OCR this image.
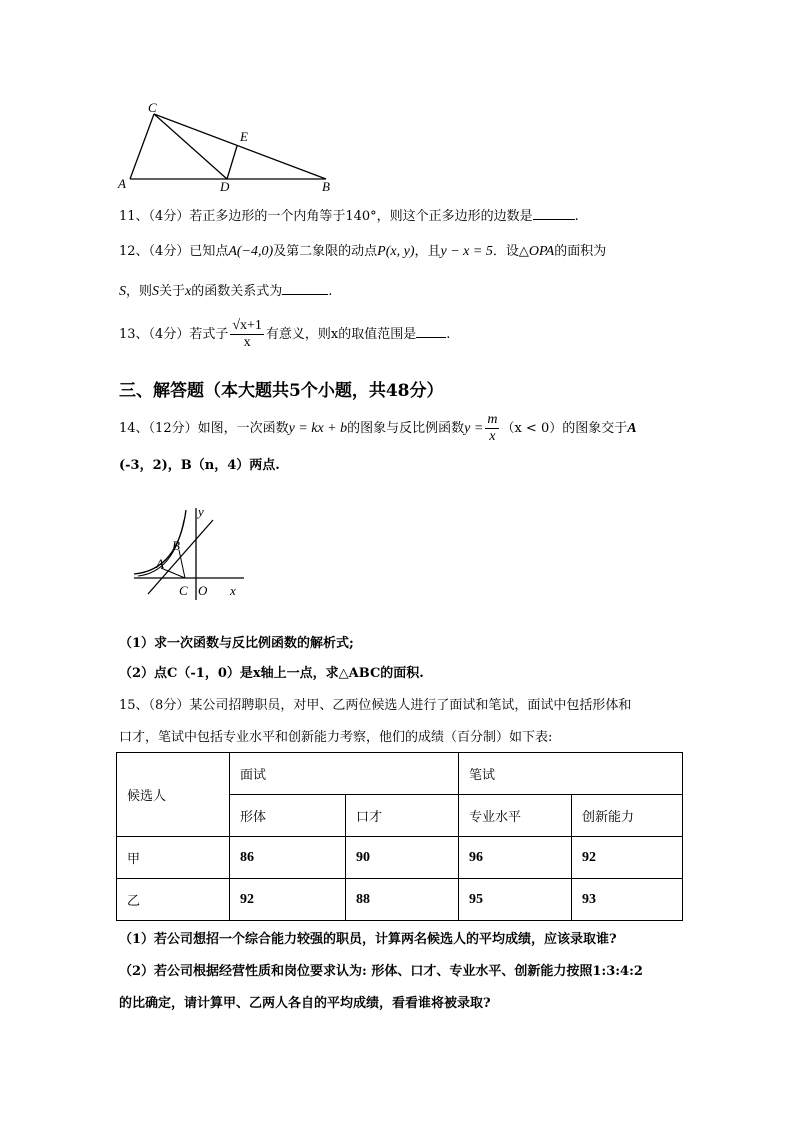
C
E
A	D	B
11、（4分）若正多边形的一个内角等于140°，则这个正多边形的边数是	.
12、（4分）已知点A(−4,0)及第二象限的动点P(x, y)，且y − x = 5．设△OPA的面积为
S，则S关于x的函数关系式为	.
13、（4分）若式子 $\frac{√x+1}{x}$ 有意义，则x的取值范围是 .
三、解答题（本大题共5个小题，共48分）
14、（12分）如图，一次函数y = kx + b的图象与反比例函数$y = \frac{m}{x} (x < 0)$的图象交于A
(-3，2)，B（n，4）两点.
y
B
A
C O x
（1）求一次函数与反比例函数的解析式;
（2）点C（-1，0）是x轴上一点，求△ABC的面积.
15、（8分）某公司招聘职员，对甲、乙两位候选人进行了面试和笔试，面试中包括形体和
口才，笔试中包括专业水平和创新能力考察，他们的成绩（百分制）如下表:
候选人	面试		笔试	
	形体	口才	专业水平	创新能力
甲	86	90	96	92
乙	92	88	95	93
（1）若公司想招一个综合能力较强的职员，计算两名候选人的平均成绩，应该录取谁?
（2）若公司根据经营性质和岗位要求认为: 形体、口才、专业水平、创新能力按照1:3:4:2
的比确定，请计算甲、乙两人各自的平均成绩，看看谁将被录取?
